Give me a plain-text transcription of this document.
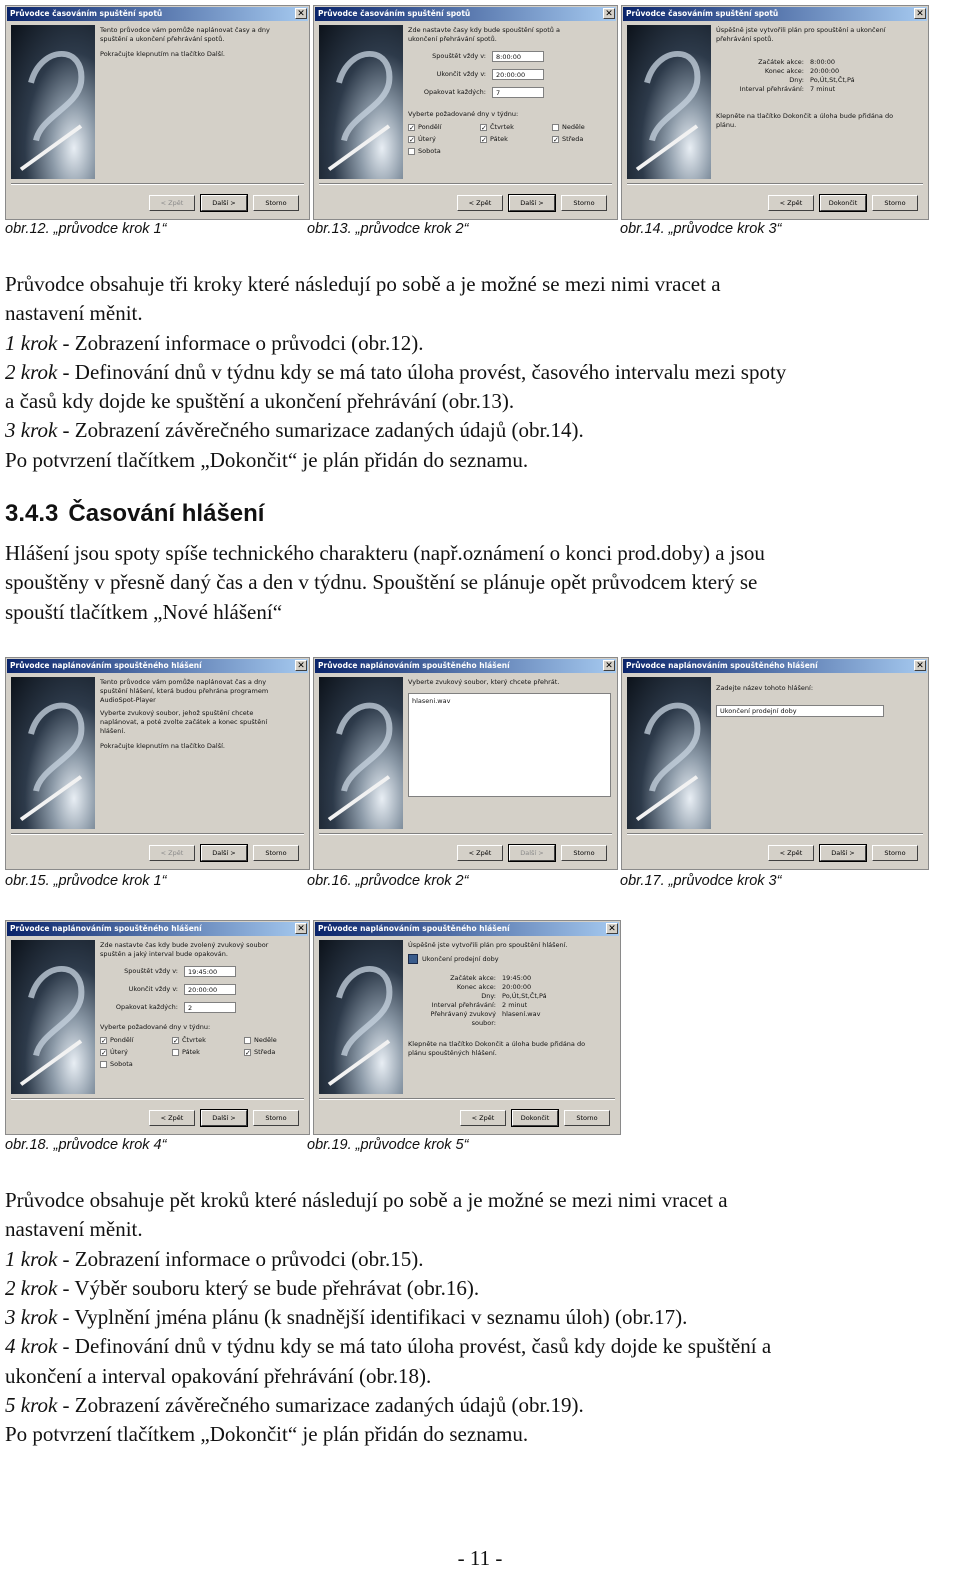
Průvodce časováním spuštění spotů	✕
Tento průvodce vám pomůže naplánovat časy a dny spuštění a ukončení přehrávání spotů.
Pokračujte klepnutím na tlačítko Další.
< Zpět	Další >	Storno
Průvodce časováním spuštění spotů	✕
Zde nastavte časy kdy bude spouštění spotů a ukončení přehrávání spotů.
Spouštět vždy v:	8:00:00
Ukončit vždy v:	20:00:00
Opakovat každých:	7
Vyberte požadované dny v týdnu:
✓ Pondělí	✓ Čtvrtek	Neděle
✓ Úterý	✓ Pátek	✓ Středa
Sobota
< Zpět	Další >	Storno
Průvodce časováním spuštění spotů	✕
Úspěšně jste vytvořili plán pro spouštění a ukončení přehrávání spotů.
Začátek akce: 8:00:00
Konec akce: 20:00:00
Dny: Po,Út,St,Čt,Pá
Interval přehrávání: 7 minut
Klepněte na tlačítko Dokončit a úloha bude přidána do plánu.
< Zpět	Dokončit	Storno
obr.12. „průvodce krok 1“	obr.13. „průvodce krok 2“	obr.14. „průvodce krok 3“
Průvodce obsahuje tři kroky které následují po sobě a je možné se mezi nimi vracet a
nastavení měnit.
1 krok - Zobrazení informace o průvodci (obr.12).
2 krok - Definování dnů v týdnu kdy se má tato úloha provést, časového intervalu mezi spoty
a časů kdy dojde ke spuštění a ukončení přehrávání (obr.13).
3 krok - Zobrazení závěrečného sumarizace zadaných údajů (obr.14).
Po potvrzení tlačítkem „Dokončit“ je plán přidán do seznamu.
3.4.3 Časování hlášení
Hlášení jsou spoty spíše technického charakteru (např.oznámení o konci prod.doby) a jsou
spouštěny v přesně daný čas a den v týdnu. Spouštění se plánuje opět průvodcem který se
spouští tlačítkem „Nové hlášení“
Průvodce naplánováním spouštěného hlášení	✕
Tento průvodce vám pomůže naplánovat čas a dny spuštění hlášení, která budou přehrána programem AudioSpot-Player
Vyberte zvukový soubor, jehož spuštění chcete naplánovat, a poté zvolte začátek a konec spuštění hlášení.
Pokračujte klepnutím na tlačítko Další.
< Zpět	Další >	Storno
Průvodce naplánováním spouštěného hlášení	✕
Vyberte zvukový soubor, který chcete přehrát.
hlaseni.wav
< Zpět	Další >	Storno
Průvodce naplánováním spouštěného hlášení	✕
Zadejte název tohoto hlášení:
Ukončení prodejní doby
< Zpět	Další >	Storno
obr.15. „průvodce krok 1“	obr.16. „průvodce krok 2“	obr.17. „průvodce krok 3“
Průvodce naplánováním spouštěného hlášení	✕
Zde nastavte čas kdy bude zvolený zvukový soubor spuštěn a jaký interval bude opakován.
Spouštět vždy v:	19:45:00
Ukončit vždy v:	20:00:00
Opakovat každých:	2
Vyberte požadované dny v týdnu:
✓ Pondělí	✓ Čtvrtek	Neděle
✓ Úterý	Pátek	✓ Středa
Sobota
< Zpět	Další >	Storno
Průvodce naplánováním spouštěného hlášení	✕
Úspěšně jste vytvořili plán pro spouštění hlášení.
Ukončení prodejní doby
Začátek akce: 19:45:00
Konec akce: 20:00:00
Dny: Po,Út,St,Čt,Pá
Interval přehrávání: 2 minut
Přehrávaný zvukový soubor:
hlasení.wav
Klepněte na tlačítko Dokončit a úloha bude přidána do plánu spouštěných hlášení.
< Zpět	Dokončit	Storno
obr.18. „průvodce krok 4“	obr.19. „průvodce krok 5“
Průvodce obsahuje pět kroků které následují po sobě a je možné se mezi nimi vracet a
nastavení měnit.
1 krok - Zobrazení informace o průvodci (obr.15).
2 krok - Výběr souboru který se bude přehrávat (obr.16).
3 krok - Vyplnění jména plánu (k snadnější identifikaci v seznamu úloh) (obr.17).
4 krok - Definování dnů v týdnu kdy se má tato úloha provést, časů kdy dojde ke spuštění a
ukončení a interval opakování přehrávání (obr.18).
5 krok - Zobrazení závěrečného sumarizace zadaných údajů (obr.19).
Po potvrzení tlačítkem „Dokončit“ je plán přidán do seznamu.
- 11 -
